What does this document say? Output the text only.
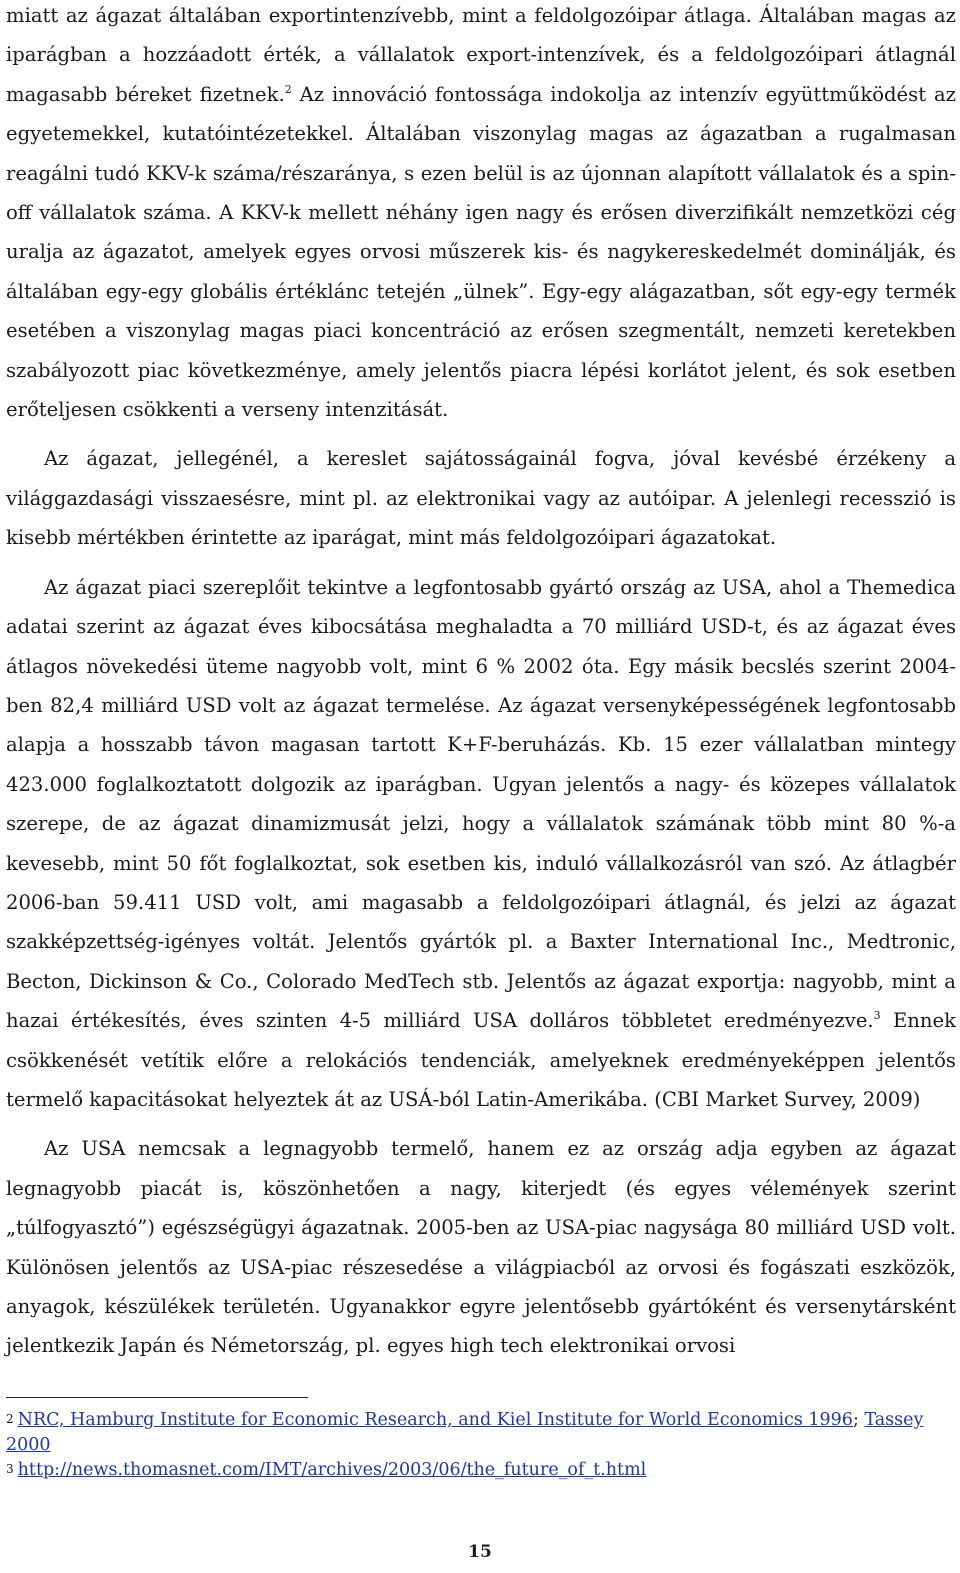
miatt az ágazat általában exportintenzívebb, mint a feldolgozóipar átlaga. Általában magas az iparágban a hozzáadott érték, a vállalatok export-intenzívek, és a feldolgozóipari átlagnál magasabb béreket fizetnek.$^2$ Az innováció fontossága indokolja az intenzív együttműködést az egyetemekkel, kutatóintézetekkel. Általában viszonylag magas az ágazatban a rugalmasan reagálni tudó KKV-k száma/részaránya, s ezen belül is az újonnan alapított vállalatok és a spin-off vállalatok száma. A KKV-k mellett néhány igen nagy és erősen diverzifikált nemzetközi cég uralja az ágazatot, amelyek egyes orvosi műszerek kis- és nagykereskedelmét dominálják, és általában egy-egy globális értéklánc tetején „ülnek”. Egy-egy alágazatban, sőt egy-egy termék esetében a viszonylag magas piaci koncentráció az erősen szegmentált, nemzeti keretekben szabályozott piac következménye, amely jelentős piacra lépési korlátot jelent, és sok esetben erőteljesen csökkenti a verseny intenzitását.

Az ágazat, jellegénél, a kereslet sajátosságainál fogva, jóval kevésbé érzékeny a világgazdasági visszaesésre, mint pl. az elektronikai vagy az autóipar. A jelenlegi recesszió is kisebb mértékben érintette az iparágat, mint más feldolgozóipari ágazatokat.

Az ágazat piaci szereplőit tekintve a legfontosabb gyártó ország az USA, ahol a Themedica adatai szerint az ágazat éves kibocsátása meghaladta a 70 milliárd USD-t, és az ágazat éves átlagos növekedési üteme nagyobb volt, mint 6 % 2002 óta. Egy másik becslés szerint 2004-ben 82,4 milliárd USD volt az ágazat termelése. Az ágazat versenyképességének legfontosabb alapja a hosszabb távon magasan tartott K+F-beruházás. Kb. 15 ezer vállalatban mintegy 423.000 foglalkoztatott dolgozik az iparágban. Ugyan jelentős a nagy- és közepes vállalatok szerepe, de az ágazat dinamizmusát jelzi, hogy a vállalatok számának több mint 80 %-a kevesebb, mint 50 főt foglalkoztat, sok esetben kis, induló vállalkozásról van szó. Az átlagbér 2006-ban 59.411 USD volt, ami magasabb a feldolgozóipari átlagnál, és jelzi az ágazat szakképzettség-igényes voltát. Jelentős gyártók pl. a Baxter International Inc., Medtronic, Becton, Dickinson & Co., Colorado MedTech stb. Jelentős az ágazat exportja: nagyobb, mint a hazai értékesítés, éves szinten 4-5 milliárd USA dolláros többletet eredményezve.$^3$ Ennek csökkenését vetítik előre a relokációs tendenciák, amelyeknek eredményeképpen jelentős termelő kapacitásokat helyeztek át az USÁ-ból Latin-Amerikába. (CBI Market Survey, 2009)

Az USA nemcsak a legnagyobb termelő, hanem ez az ország adja egyben az ágazat legnagyobb piacát is, köszönhetően a nagy, kiterjedt (és egyes vélemények szerint „túlfogyasztó”) egészségügyi ágazatnak. 2005-ben az USA-piac nagysága 80 milliárd USD volt. Különösen jelentős az USA-piac részesedése a világpiacból az orvosi és fogászati eszközök, anyagok, készülékek területén. Ugyanakkor egyre jelentősebb gyártóként és versenytársként jelentkezik Japán és Németország, pl. egyes high tech elektronikai orvosi

2 NRC, Hamburg Institute for Economic Research, and Kiel Institute for World Economics 1996; Tassey 2000

3 http://news.thomasnet.com/IMT/archives/2003/06/the_future_of_t.html

15
